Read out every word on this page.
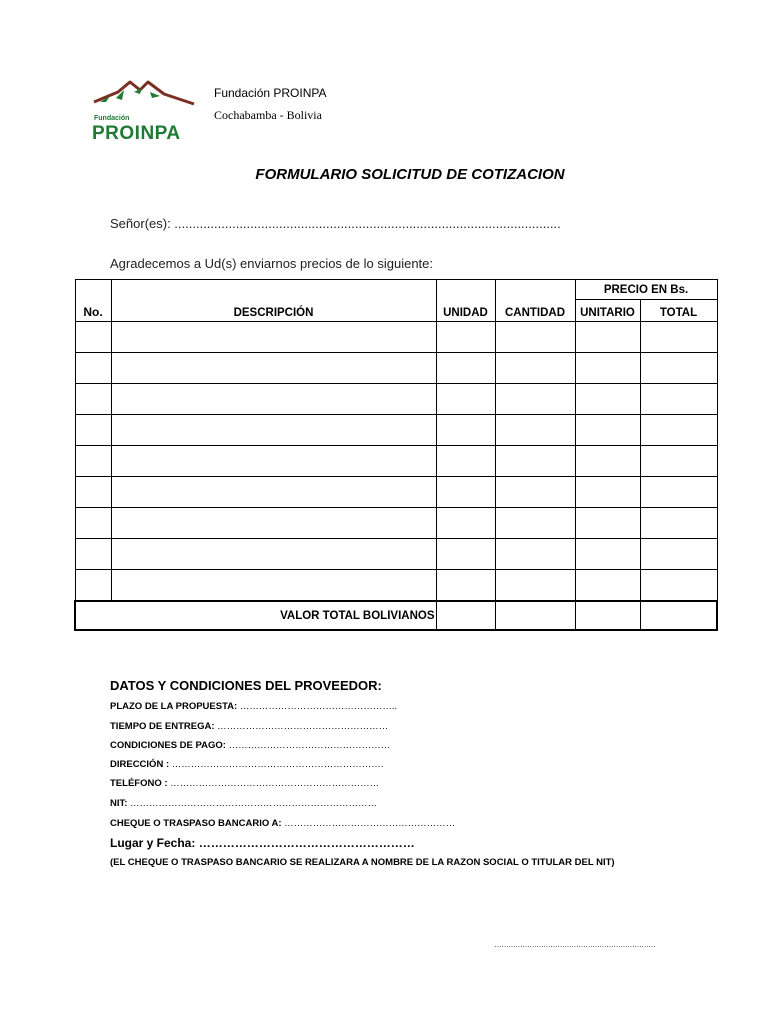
Fundación
PROINPA
Fundación PROINPA
Cochabamba - Bolivia
FORMULARIO SOLICITUD DE COTIZACION
Señor(es): ...........................................................................................................
Agradecemos a Ud(s) enviarnos precios de lo siguiente:
No.	DESCRIPCIÓN	UNIDAD	CANTIDAD	PRECIO EN Bs.	
				UNITARIO	TOTAL

VALOR TOTAL BOLIVIANOS					
DATOS Y CONDICIONES DEL PROVEEDOR:
PLAZO DE LA PROPUESTA: …………………………………………..
TIEMPO DE ENTREGA: ………………………………………………
CONDICIONES DE PAGO: ……………………………………………
DIRECCIÓN : ………………………………………………………….
TELÉFONO : …………………………………………………………
NIT: ……………………………………………………………………
CHEQUE O TRASPASO BANCARIO A: ………………………………………………
Lugar y Fecha: ………………………………………………
(EL CHEQUE O TRASPASO BANCARIO SE REALIZARA A NOMBRE DE LA RAZON SOCIAL O TITULAR DEL NIT)
……………………………………………………………
